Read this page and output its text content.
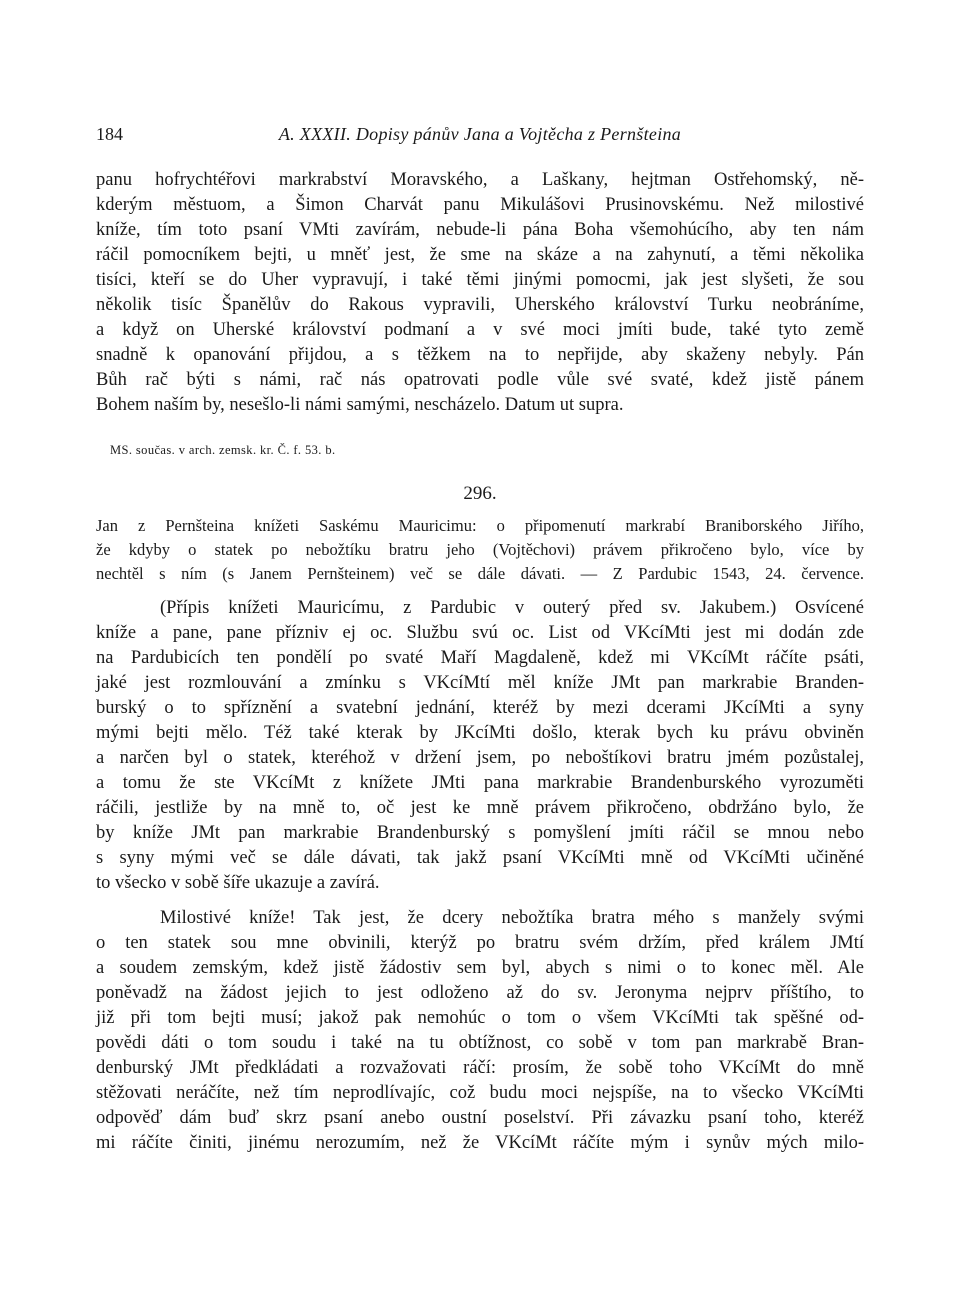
184	A. XXXII. Dopisy pánův Jana a Vojtěcha z Pernšteina
panu hofrychtéřovi markrabství Moravského, a Laškany, hejtman Ostřehomský, ně-
kderým městuom, a Šimon Charvát panu Mikulášovi Prusinovskému. Než milostivé
kníže, tím toto psaní VMti zavírám, nebude-li pána Boha všemohúcího, aby ten nám
ráčil pomocníkem bejti, u mněť jest, že sme na skáze a na zahynutí, a těmi několika
tisíci, kteří se do Uher vypravují, i také těmi jinými pomocmi, jak jest slyšeti, že sou
několik tisíc Španělův do Rakous vypravili, Uherského království Turku neobráníme,
a když on Uherské království podmaní a v své moci jmíti bude, také tyto země
snadně k opanování přijdou, a s těžkem na to nepřijde, aby skaženy nebyly. Pán
Bůh rač býti s námi, rač nás opatrovati podle vůle své svaté, kdež jistě pánem
Bohem naším by, nesešlo-li námi samými, nescházelo. Datum ut supra.
MS. součas. v arch. zemsk. kr. Č. f. 53. b.
296.
Jan z Pernšteina knížeti Saskému Mauricimu: o připomenutí markrabí Braniborského Jiřího,
že kdyby o statek po nebožtíku bratru jeho (Vojtěchovi) právem přikročeno bylo, více by
nechtěl s ním (s Janem Pernšteinem) več se dále dávati. — Z Pardubic 1543, 24. července.
(Přípis knížeti Mauricímu, z Pardubic v outerý před sv. Jakubem.) Osvícené
kníže a pane, pane přízniv ej oc. Službu svú oc. List od VKcíMti jest mi dodán zde
na Pardubicích ten pondělí po svaté Maří Magdaleně, kdež mi VKcíMt ráčíte psáti,
jaké jest rozmlouvání a zmínku s VKcíMtí měl kníže JMt pan markrabie Branden-
burský o to spříznění a svatební jednání, kteréž by mezi dcerami JKcíMti a syny
mými bejti mělo. Též také kterak by JKcíMti došlo, kterak bych ku právu obviněn
a narčen byl o statek, kteréhož v držení jsem, po neboštíkovi bratru jmém pozůstalej,
a tomu že ste VKcíMt z knížete JMti pana markrabie Brandenburského vyrozuměti
ráčili, jestliže by na mně to, oč jest ke mně právem přikročeno, obdržáno bylo, že
by kníže JMt pan markrabie Brandenburský s pomyšlení jmíti ráčil se mnou nebo
s syny mými več se dále dávati, tak jakž psaní VKcíMti mně od VKcíMti učiněné
to všecko v sobě šíře ukazuje a zavírá.
Milostivé kníže! Tak jest, že dcery nebožtíka bratra mého s manžely svými
o ten statek sou mne obvinili, kterýž po bratru svém držím, před králem JMtí
a soudem zemským, kdež jistě žádostiv sem byl, abych s nimi o to konec měl. Ale
poněvadž na žádost jejich to jest odloženo až do sv. Jeronyma nejprv příštího, to
již při tom bejti musí; jakož pak nemohúc o tom o všem VKcíMti tak spěšné od-
povědi dáti o tom soudu i také na tu obtížnost, co sobě v tom pan markrabě Bran-
denburský JMt předkládati a rozvažovati ráčí: prosím, že sobě toho VKcíMt do mně
stěžovati neráčíte, než tím neprodlívajíc, což budu moci nejspíše, na to všecko VKcíMti
odpověď dám buď skrz psaní anebo oustní poselství. Při závazku psaní toho, kteréž
mi ráčíte činiti, jinému nerozumím, než že VKcíMt ráčíte mým i synův mých milo-
